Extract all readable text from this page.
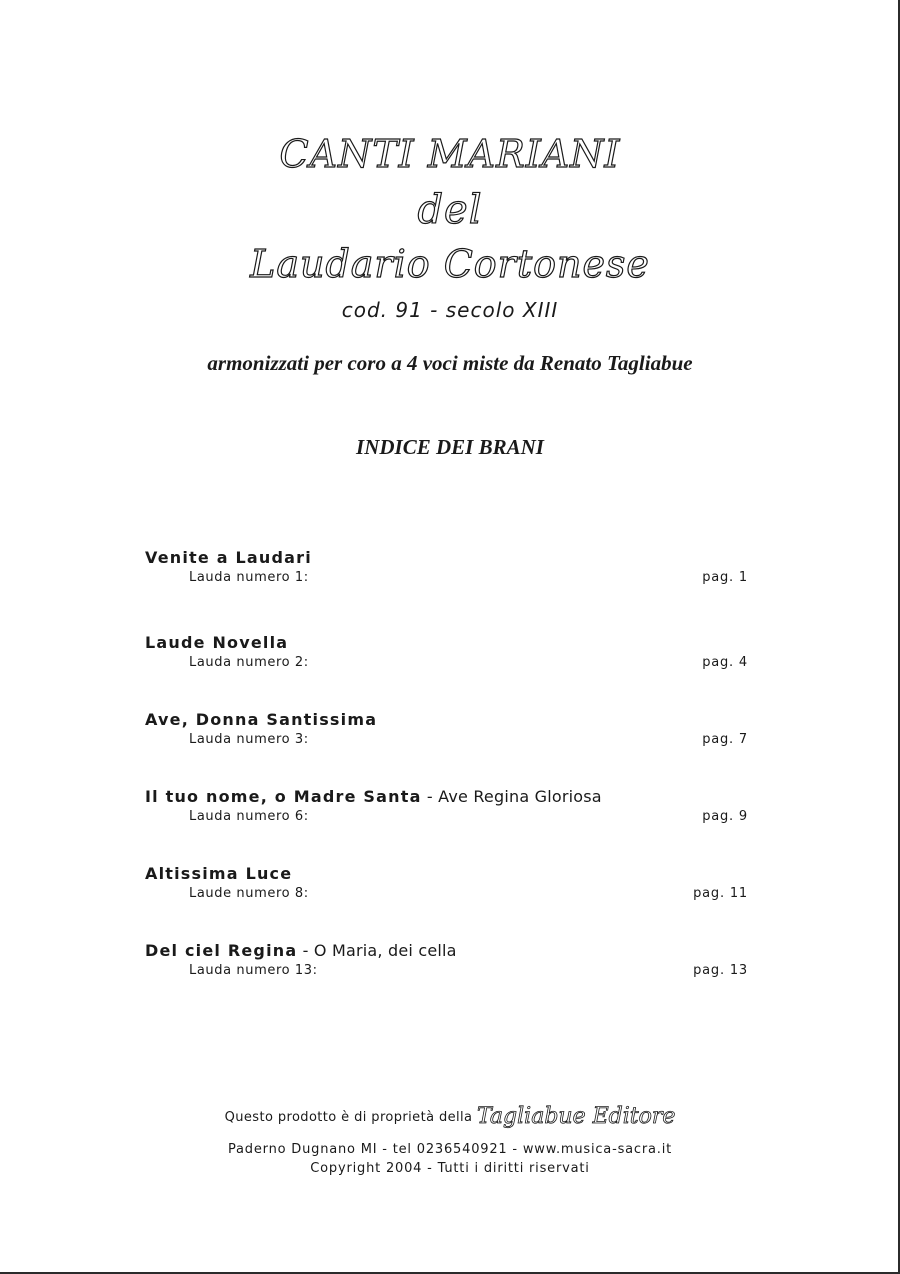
CANTI MARIANI
del
Laudario Cortonese
cod. 91 - secolo XIII
armonizzati per coro a 4 voci miste da Renato Tagliabue
INDICE DEI BRANI
Venite a Laudari
Lauda numero 1:	pag. 1
Laude Novella
Lauda numero 2:	pag. 4
Ave, Donna Santissima
Lauda numero 3:	pag. 7
Il tuo nome, o Madre Santa - Ave Regina Gloriosa
Lauda numero 6:	pag. 9
Altissima Luce
Laude numero 8:	pag. 11
Del ciel Regina - O Maria, dei cella
Lauda numero 13:	pag. 13
Questo prodotto è di proprietà della Tagliabue Editore
Paderno Dugnano MI - tel 0236540921 - www.musica-sacra.it
Copyright 2004 - Tutti i diritti riservati
